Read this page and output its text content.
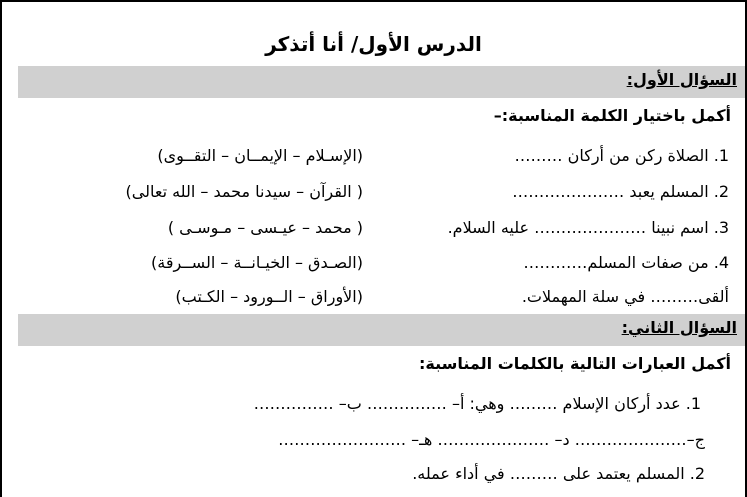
الدرس الأول/ أنا أتذكر
السؤال الأول:
أكمل باختيار الكلمة المناسبة:–
1. الصلاة ركن من أركان ………
(الإسـلام – الإيمــان – التقــوى)
2. المسلم يعبد …………………
( القرآن – سيدنا محمد – الله تعالى)
3. اسم نبينا ………………… عليه السلام.
( محمد – عيـسى – مـوسـى )
4. من صفات المسلم…………
(الصـدق – الخيـانــة – الســرقة)
ألقى……… في سلة المهملات.
(الأوراق – الــورود – الكـتب)
السؤال الثاني:
أكمل العبارات التالية بالكلمات المناسبة:
1. عدد أركان الإسلام ……… وهي: أ– …………… ب– ……………
ج–………………… د– ………………… هـ– ……………………
2. المسلم يعتمد على ……… في أداء عمله.
